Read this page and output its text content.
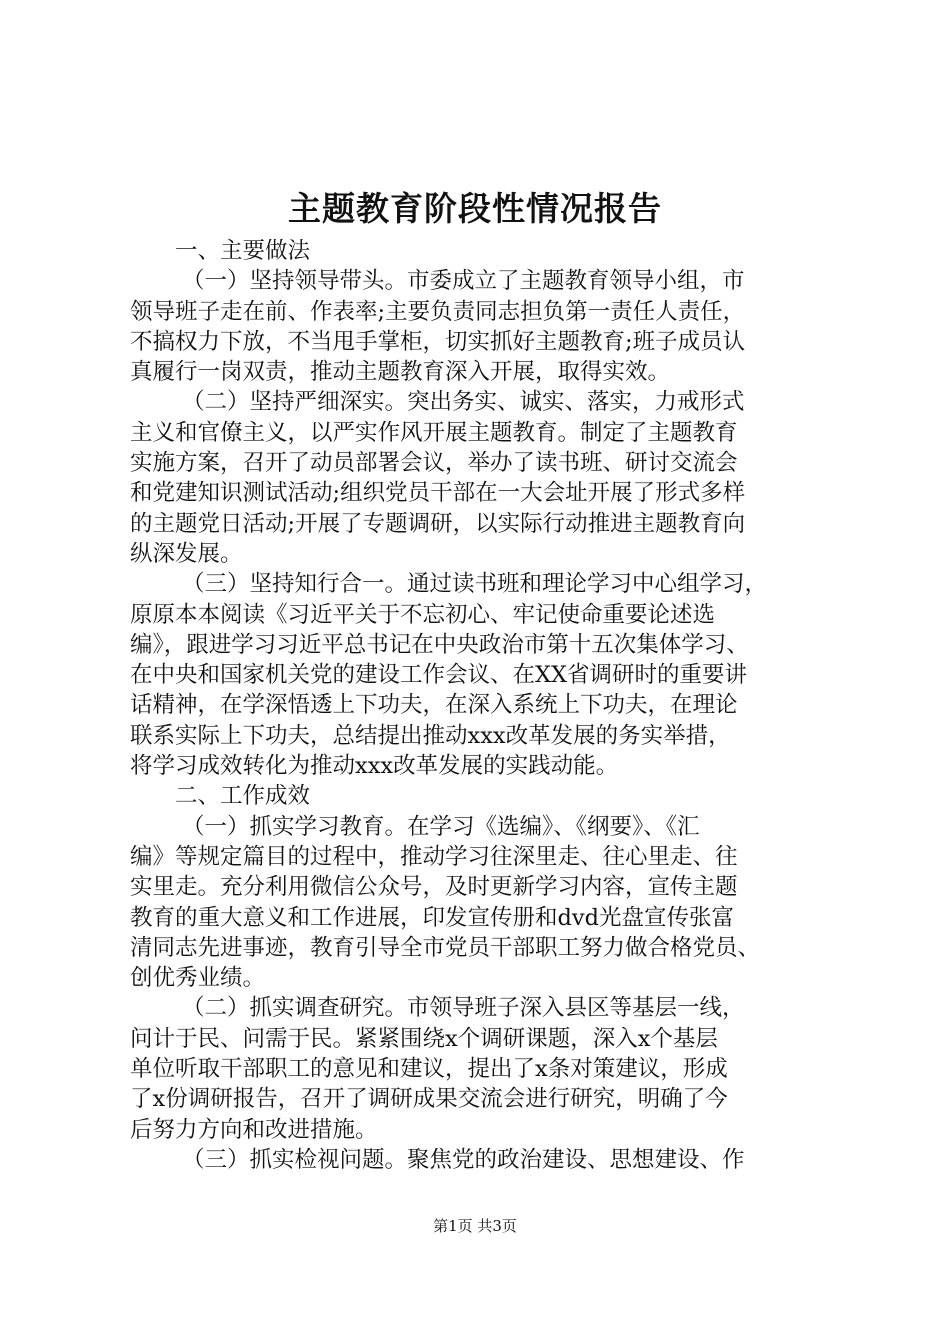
主题教育阶段性情况报告
一、主要做法
（一）坚持领导带头。市委成立了主题教育领导小组，市
领导班子走在前、作表率;主要负责同志担负第一责任人责任，
不搞权力下放，不当甩手掌柜，切实抓好主题教育;班子成员认
真履行一岗双责，推动主题教育深入开展，取得实效。
（二）坚持严细深实。突出务实、诚实、落实，力戒形式
主义和官僚主义，以严实作风开展主题教育。制定了主题教育
实施方案，召开了动员部署会议，举办了读书班、研讨交流会
和党建知识测试活动;组织党员干部在一大会址开展了形式多样
的主题党日活动;开展了专题调研，以实际行动推进主题教育向
纵深发展。
（三）坚持知行合一。通过读书班和理论学习中心组学习，
原原本本阅读《习近平关于不忘初心、牢记使命重要论述选
编》，跟进学习习近平总书记在中央政治市第十五次集体学习、
在中央和国家机关党的建设工作会议、在XX省调研时的重要讲
话精神，在学深悟透上下功夫，在深入系统上下功夫，在理论
联系实际上下功夫，总结提出推动xxx改革发展的务实举措，
将学习成效转化为推动xxx改革发展的实践动能。
二、工作成效
（一）抓实学习教育。在学习《选编》、《纲要》、《汇
编》等规定篇目的过程中，推动学习往深里走、往心里走、往
实里走。充分利用微信公众号，及时更新学习内容，宣传主题
教育的重大意义和工作进展，印发宣传册和dvd光盘宣传张富
清同志先进事迹，教育引导全市党员干部职工努力做合格党员、
创优秀业绩。
（二）抓实调查研究。市领导班子深入县区等基层一线，
问计于民、问需于民。紧紧围绕x个调研课题，深入x个基层
单位听取干部职工的意见和建议，提出了x条对策建议，形成
了x份调研报告，召开了调研成果交流会进行研究，明确了今
后努力方向和改进措施。
（三）抓实检视问题。聚焦党的政治建设、思想建设、作
第1页 共3页
